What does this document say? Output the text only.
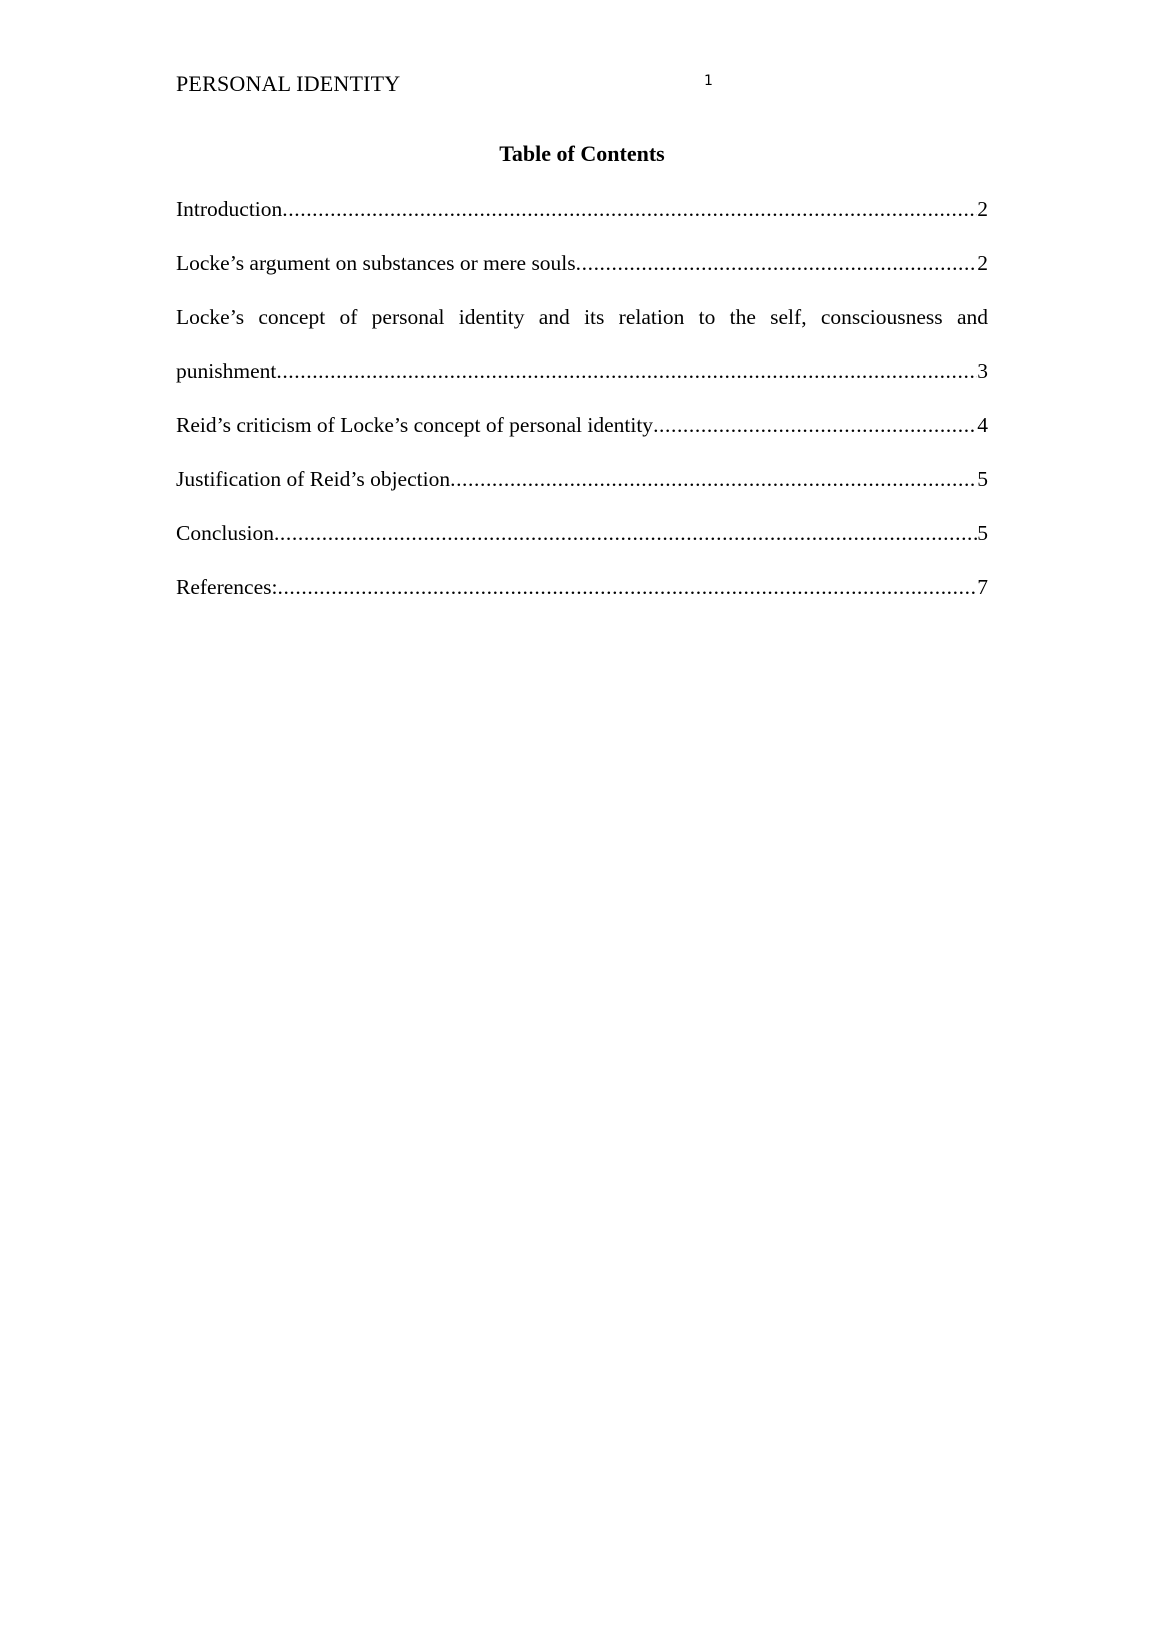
PERSONAL IDENTITY	1
Table of Contents
Introduction .....	2
Locke’s argument on substances or mere souls .....	2
Locke’s concept of personal identity and its relation to the self, consciousness and
punishment .....	3
Reid’s criticism of Locke’s concept of personal identity .....	4
Justification of Reid’s objection .....	5
Conclusion .....	5
References: .....	7
